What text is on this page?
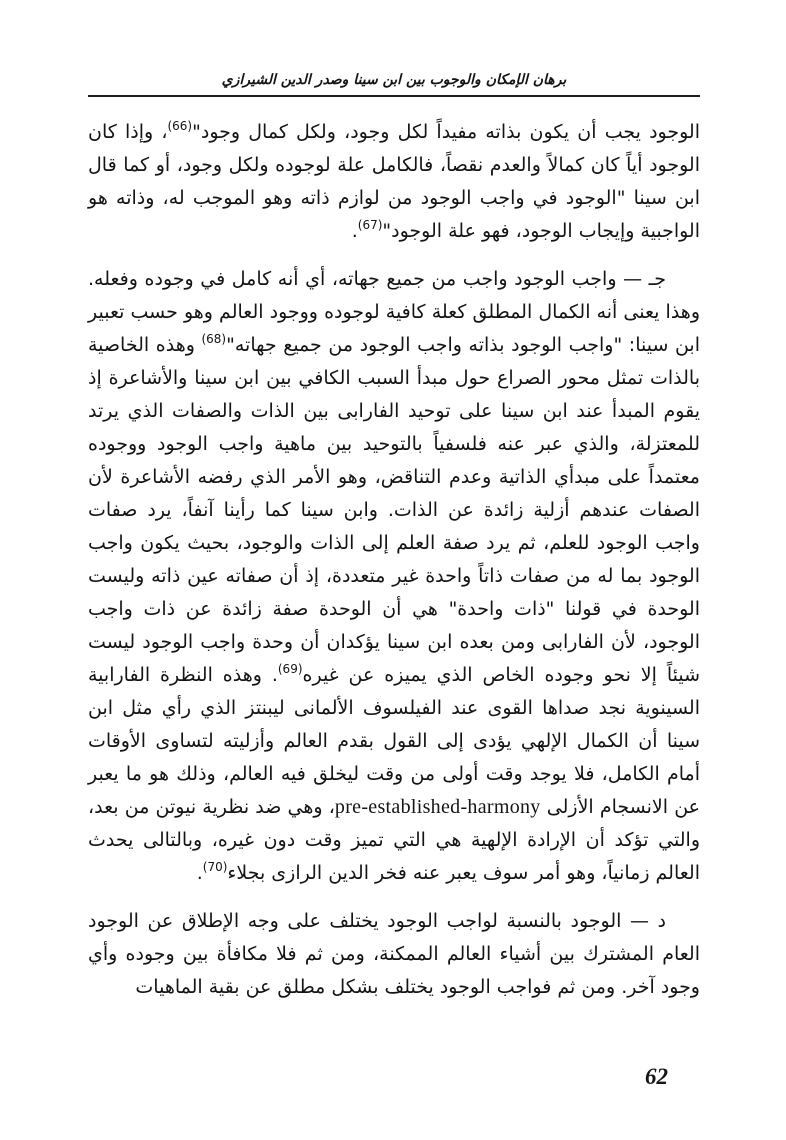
برهان الإمكان والوجوب بين ابن سينا وصدر الدين الشيرازي

الوجود يجب أن يكون بذاته مفيداً لكل وجود، ولكل كمال وجود"$^{(66)}$، وإذا كان الوجود أياً كان كمالاً والعدم نقصاً، فالكامل علة لوجوده ولكل وجود، أو كما قال ابن سينا "الوجود في واجب الوجود من لوازم ذاته وهو الموجب له، وذاته هو الواجبية وإيجاب الوجود، فهو علة الوجود"$^{(67)}$.

جـ — واجب الوجود واجب من جميع جهاته، أي أنه كامل في وجوده وفعله. وهذا يعنى أنه الكمال المطلق كعلة كافية لوجوده ووجود العالم وهو حسب تعبير ابن سينا: "واجب الوجود بذاته واجب الوجود من جميع جهاته"$^{(68)}$ وهذه الخاصية بالذات تمثل محور الصراع حول مبدأ السبب الكافي بين ابن سينا والأشاعرة إذ يقوم المبدأ عند ابن سينا على توحيد الفارابى بين الذات والصفات الذي يرتد للمعتزلة، والذي عبر عنه فلسفياً بالتوحيد بين ماهية واجب الوجود ووجوده معتمداً على مبدأي الذاتية وعدم التناقض، وهو الأمر الذي رفضه الأشاعرة لأن الصفات عندهم أزلية زائدة عن الذات. وابن سينا كما رأينا آنفاً، يرد صفات واجب الوجود للعلم، ثم يرد صفة العلم إلى الذات والوجود، بحيث يكون واجب الوجود بما له من صفات ذاتاً واحدة غير متعددة، إذ أن صفاته عين ذاته وليست الوحدة في قولنا "ذات واحدة" هي أن الوحدة صفة زائدة عن ذات واجب الوجود، لأن الفارابى ومن بعده ابن سينا يؤكدان أن وحدة واجب الوجود ليست شيئاً إلا نحو وجوده الخاص الذي يميزه عن غيره$^{(69)}$. وهذه النظرة الفارابية السينوية نجد صداها القوى عند الفيلسوف الألمانى ليبنتز الذي رأي مثل ابن سينا أن الكمال الإلهي يؤدى إلى القول بقدم العالم وأزليته لتساوى الأوقات أمام الكامل، فلا يوجد وقت أولى من وقت ليخلق فيه العالم، وذلك هو ما يعبر عن الانسجام الأزلى pre-established-harmony، وهي ضد نظرية نيوتن من بعد، والتي تؤكد أن الإرادة الإلهية هي التي تميز وقت دون غيره، وبالتالى يحدث العالم زمانياً، وهو أمر سوف يعبر عنه فخر الدين الرازى بجلاء$^{(70)}$.

د — الوجود بالنسبة لواجب الوجود يختلف على وجه الإطلاق عن الوجود العام المشترك بين أشياء العالم الممكنة، ومن ثم فلا مكافأة بين وجوده وأي وجود آخر. ومن ثم فواجب الوجود يختلف بشكل مطلق عن بقية الماهيات

62
